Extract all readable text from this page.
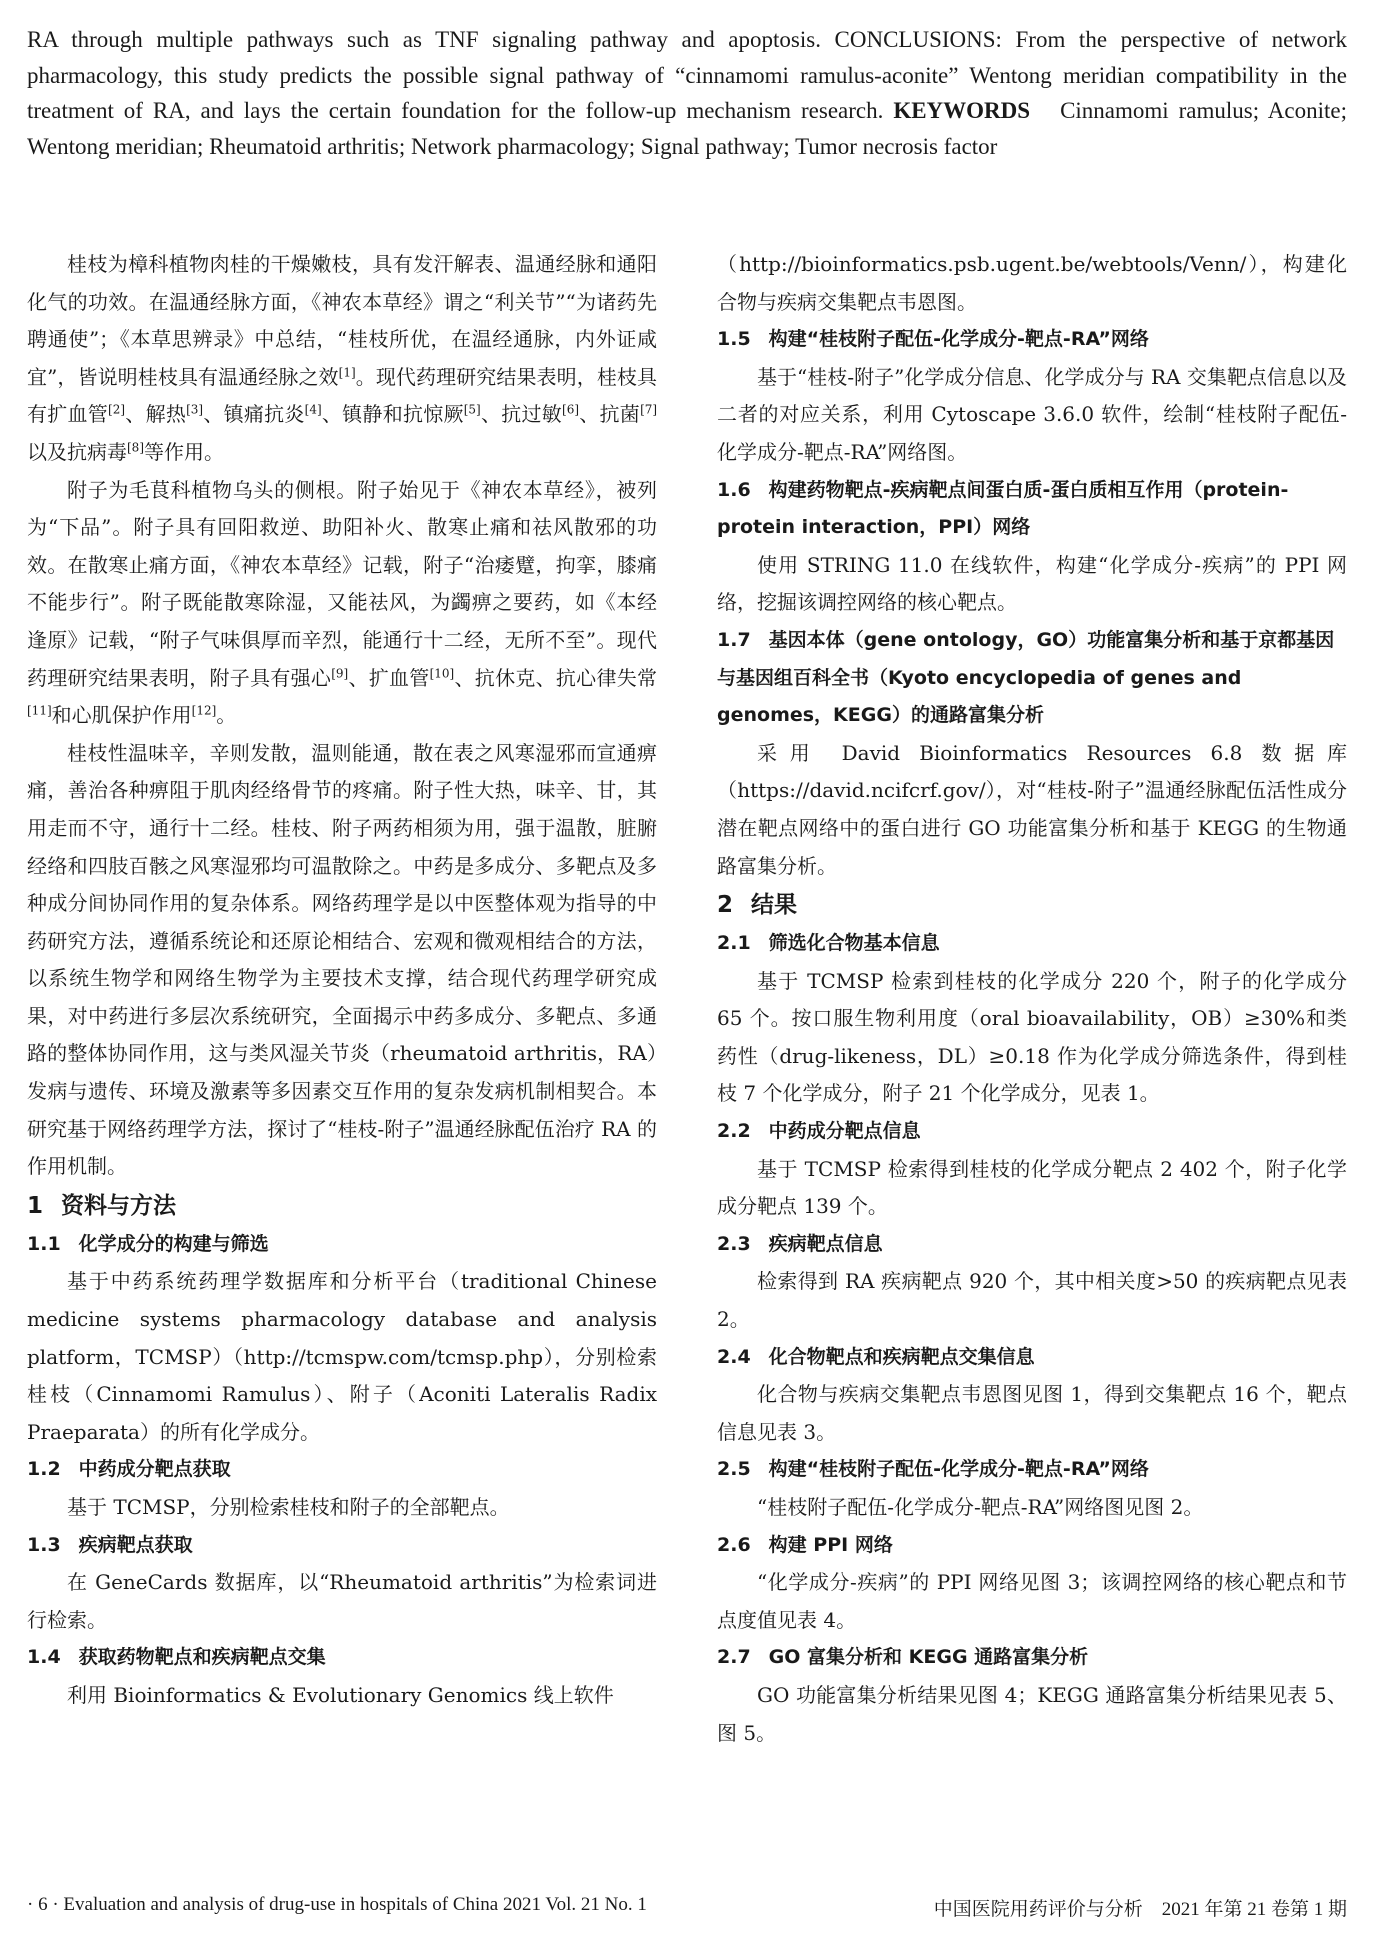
RA through multiple pathways such as TNF signaling pathway and apoptosis. CONCLUSIONS: From the perspective of network pharmacology, this study predicts the possible signal pathway of “cinnamomi ramulus-aconite” Wentong meridian compatibility in the treatment of RA, and lays the certain foundation for the follow-up mechanism research. KEYWORDS Cinnamomi ramulus; Aconite; Wentong meridian; Rheumatoid arthritis; Network pharmacology; Signal pathway; Tumor necrosis factor

桂枝为樟科植物肉桂的干燥嫩枝，具有发汗解表、温通经脉和通阳化气的功效。在温通经脉方面，《神农本草经》谓之“利关节”“为诸药先聘通使”；《本草思辨录》中总结，“桂枝所优，在温经通脉，内外证咸宜”，皆说明桂枝具有温通经脉之效[1]。现代药理研究结果表明，桂枝具有扩血管[2]、解热[3]、镇痛抗炎[4]、镇静和抗惊厥[5]、抗过敏[6]、抗菌[7]以及抗病毒[8]等作用。

附子为毛茛科植物乌头的侧根。附子始见于《神农本草经》，被列为“下品”。附子具有回阳救逆、助阳补火、散寒止痛和祛风散邪的功效。在散寒止痛方面，《神农本草经》记载，附子“治痿躄，拘挛，膝痛不能步行”。附子既能散寒除湿，又能祛风，为蠲痹之要药，如《本经逢原》记载，“附子气味俱厚而辛烈，能通行十二经，无所不至”。现代药理研究结果表明，附子具有强心[9]、扩血管[10]、抗休克、抗心律失常[11]和心肌保护作用[12]。

桂枝性温味辛，辛则发散，温则能通，散在表之风寒湿邪而宣通痹痛，善治各种痹阻于肌肉经络骨节的疼痛。附子性大热，味辛、甘，其用走而不守，通行十二经。桂枝、附子两药相须为用，强于温散，脏腑经络和四肢百骸之风寒湿邪均可温散除之。中药是多成分、多靶点及多种成分间协同作用的复杂体系。网络药理学是以中医整体观为指导的中药研究方法，遵循系统论和还原论相结合、宏观和微观相结合的方法，以系统生物学和网络生物学为主要技术支撑，结合现代药理学研究成果，对中药进行多层次系统研究，全面揭示中药多成分、多靶点、多通路的整体协同作用，这与类风湿关节炎（rheumatoid arthritis，RA）发病与遗传、环境及激素等多因素交互作用的复杂发病机制相契合。本研究基于网络药理学方法，探讨了“桂枝-附子”温通经脉配伍治疗 RA 的作用机制。

1 资料与方法

1.1 化学成分的构建与筛选

基于中药系统药理学数据库和分析平台（traditional Chinese medicine systems pharmacology database and analysis platform，TCMSP）（http://tcmspw.com/tcmsp.php），分别检索桂枝（Cinnamomi Ramulus）、附子（Aconiti Lateralis Radix Praeparata）的所有化学成分。

1.2 中药成分靶点获取

基于 TCMSP，分别检索桂枝和附子的全部靶点。

1.3 疾病靶点获取

在 GeneCards 数据库，以“Rheumatoid arthritis”为检索词进行检索。

1.4 获取药物靶点和疾病靶点交集

利用 Bioinformatics & Evolutionary Genomics 线上软件

（http://bioinformatics.psb.ugent.be/webtools/Venn/），构建化合物与疾病交集靶点韦恩图。

1.5 构建“桂枝附子配伍-化学成分-靶点-RA”网络

基于“桂枝-附子”化学成分信息、化学成分与 RA 交集靶点信息以及二者的对应关系，利用 Cytoscape 3.6.0 软件，绘制“桂枝附子配伍-化学成分-靶点-RA”网络图。

1.6 构建药物靶点-疾病靶点间蛋白质-蛋白质相互作用（protein-protein interaction，PPI）网络

使用 STRING 11.0 在线软件，构建“化学成分-疾病”的 PPI 网络，挖掘该调控网络的核心靶点。

1.7 基因本体（gene ontology，GO）功能富集分析和基于京都基因与基因组百科全书（Kyoto encyclopedia of genes and genomes，KEGG）的通路富集分析

采用 David Bioinformatics Resources 6.8 数据库（https://david.ncifcrf.gov/），对“桂枝-附子”温通经脉配伍活性成分潜在靶点网络中的蛋白进行 GO 功能富集分析和基于 KEGG 的生物通路富集分析。

2 结果

2.1 筛选化合物基本信息

基于 TCMSP 检索到桂枝的化学成分 220 个，附子的化学成分 65 个。按口服生物利用度（oral bioavailability，OB）≥30%和类药性（drug-likeness，DL）≥0.18 作为化学成分筛选条件，得到桂枝 7 个化学成分，附子 21 个化学成分，见表 1。

2.2 中药成分靶点信息

基于 TCMSP 检索得到桂枝的化学成分靶点 2 402 个，附子化学成分靶点 139 个。

2.3 疾病靶点信息

检索得到 RA 疾病靶点 920 个，其中相关度>50 的疾病靶点见表 2。

2.4 化合物靶点和疾病靶点交集信息

化合物与疾病交集靶点韦恩图见图 1，得到交集靶点 16 个，靶点信息见表 3。

2.5 构建“桂枝附子配伍-化学成分-靶点-RA”网络

“桂枝附子配伍-化学成分-靶点-RA”网络图见图 2。

2.6 构建 PPI 网络

“化学成分-疾病”的 PPI 网络见图 3；该调控网络的核心靶点和节点度值见表 4。

2.7 GO 富集分析和 KEGG 通路富集分析

GO 功能富集分析结果见图 4；KEGG 通路富集分析结果见表 5、图 5。

· 6 · Evaluation and analysis of drug-use in hospitals of China 2021 Vol. 21 No. 1	中国医院用药评价与分析　2021 年第 21 卷第 1 期
